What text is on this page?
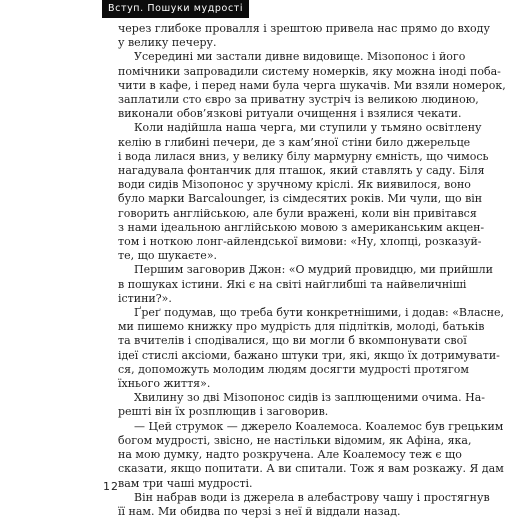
Вступ. Пошуки мудрості
через глибоке провалля і зрештою привела нас прямо до входу
у велику печеру.
Усередині ми застали дивне видовище. Мізопонос і його
помічники запровадили систему номерків, яку можна іноді поба-
чити в кафе, і перед нами була черга шукачів. Ми взяли номерок,
заплатили сто євро за приватну зустріч із великою людиною,
виконали обов’язкові ритуали очищення і взялися чекати.
Коли надійшла наша черга, ми ступили у тьмяно освітлену
келію в глибині печери, де з кам’яної стіни било джерельце
і вода лилася вниз, у велику білу мармурну ємність, що чимось
нагадувала фонтанчик для пташок, який ставлять у саду. Біля
води сидів Мізопонос у зручному кріслі. Як виявилося, воно
було марки Barcalounger, із сімдесятих років. Ми чули, що він
говорить англійською, але були вражені, коли він привітався
з нами ідеальною англійською мовою з американським акцен-
том і ноткою лонг-айлендської вимови: «Ну, хлопці, розказуй-
те, що шукаєте».
Першим заговорив Джон: «О мудрий провидцю, ми прийшли
в пошуках істини. Які є на світі найглибші та найвеличніші
істини?».
Ґреґ подумав, що треба бути конкретнішими, і додав: «Власне,
ми пишемо книжку про мудрість для підлітків, молоді, батьків
та вчителів і сподівалися, що ви могли б вкомпонувати свої
ідеї стислі аксіоми, бажано штуки три, які, якщо їх дотримувати-
ся, допоможуть молодим людям досягти мудрості протягом
їхнього життя».
Хвилину зо дві Мізопонос сидів із заплющеними очима. На-
решті він їх розплющив і заговорив.
— Цей струмок — джерело Коалемоса. Коалемос був грецьким
богом мудрості, звісно, не настільки відомим, як Афіна, яка,
на мою думку, надто розкручена. Але Коалемосу теж є що
сказати, якщо попитати. А ви спитали. Тож я вам розкажу. Я дам
вам три чаші мудрості.
Він набрав води із джерела в алебастрову чашу і простягнув
її нам. Ми обидва по черзі з неї й віддали назад.
12
